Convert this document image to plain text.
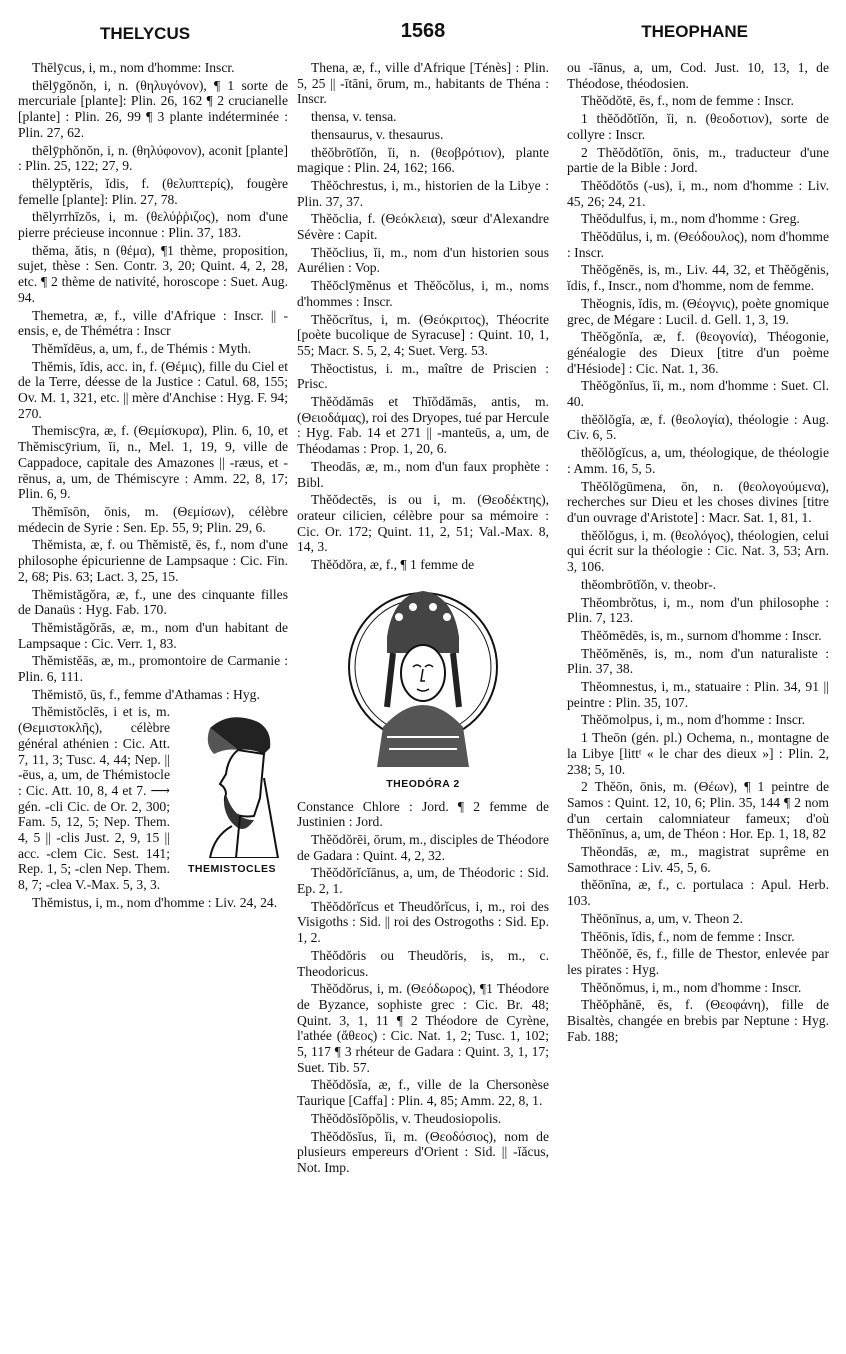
THELYCUS	1568	THEOPHANE

Thēlȳcus, i, m., nom d'homme: Inscr.

thēlȳgŏnŏn, i, n. (θηλυγόνον), ¶ 1 sorte de mercuriale [plante]: Plin. 26, 162 ¶ 2 crucianelle [plante] : Plin. 26, 99 ¶ 3 plante indéterminée : Plin. 27, 62.

thēlȳphŏnŏn, i, n. (θηλύφονον), aconit [plante] : Plin. 25, 122; 27, 9.

thēlyptĕris, ĭdis, f. (θελυπτερίς), fougère femelle [plante]: Plin. 27, 78.

thēlyrrhīzŏs, i, m. (θελύῤῥιζος), nom d'une pierre précieuse inconnue : Plin. 37, 183.

thĕma, ătis, n (θέμα), ¶1 thème, proposition, sujet, thèse : Sen. Contr. 3, 20; Quint. 4, 2, 28, etc. ¶ 2 thème de nativité, horoscope : Suet. Aug. 94.

Themetra, æ, f., ville d'Afrique : Inscr. || -ensis, e, de Thémétra : Inscr

Thĕmĭdēus, a, um, f., de Thémis : Myth.

Thĕmis, ĭdis, acc. in, f. (Θέμις), fille du Ciel et de la Terre, déesse de la Justice : Catul. 68, 155; Ov. M. 1, 321, etc. || mère d'Anchise : Hyg. F. 94; 270.

Themiscȳra, æ, f. (Θεμίσκυρα), Plin. 6, 10, et Thĕmiscȳrium, ĭi, n., Mel. 1, 19, 9, ville de Cappadoce, capitale des Amazones || -ræus, et -rēnus, a, um, de Thémiscyre : Amm. 22, 8, 17; Plin. 6, 9.

Thĕmīsōn, ōnis, m. (Θεμίσων), célèbre médecin de Syrie : Sen. Ep. 55, 9; Plin. 29, 6.

Thĕmista, æ, f. ou Thĕmistē, ēs, f., nom d'une philosophe épicurienne de Lampsaque : Cic. Fin. 2, 68; Pis. 63; Lact. 3, 25, 15.

Thĕmistăgŏra, æ, f., une des cinquante filles de Danaüs : Hyg. Fab. 170.

Thĕmistăgŏrās, æ, m., nom d'un habitant de Lampsaque : Cic. Verr. 1, 83.

Thĕmistĕās, æ, m., promontoire de Carmanie : Plin. 6, 111.

Thĕmistō, ūs, f., femme d'Athamas : Hyg.

THEMISTOCLES

Thĕmistŏclēs, i et is, m. (Θεμιστοκλῆς), célèbre général athénien : Cic. Att. 7, 11, 3; Tusc. 4, 44; Nep. || -ēus, a, um, de Thémistocle : Cic. Att. 10, 8, 4 et 7. ⟶ gén. -cli Cic. de Or. 2, 300; Fam. 5, 12, 5; Nep. Them. 4, 5 || -clis Just. 2, 9, 15 || acc. -clem Cic. Sest. 141; Rep. 1, 5; -clen Nep. Them. 8, 7; -clea V.-Max. 5, 3, 3.

Thĕmistus, i, m., nom d'homme : Liv. 24, 24.

Thena, æ, f., ville d'Afrique [Ténès] : Plin. 5, 25 || -ītāni, ōrum, m., habitants de Théna : Inscr.

thensa, v. tensa.

thensaurus, v. thesaurus.

thĕŏbrōtĭŏn, ĭi, n. (θεοβρότιον), plante magique : Plin. 24, 162; 166.

Thĕŏchrestus, i, m., historien de la Libye : Plin. 37, 37.

Thĕŏclia, f. (Θεόκλεια), sœur d'Alexandre Sévère : Capit.

Thĕŏclius, ĭi, m., nom d'un historien sous Aurélien : Vop.

Thĕŏclȳmĕnus et Thĕŏcŏlus, i, m., noms d'hommes : Inscr.

Thĕŏcrĭtus, i, m. (Θεόκριτος), Théocrite [poète bucolique de Syracuse] : Quint. 10, 1, 55; Macr. S. 5, 2, 4; Suet. Verg. 53.

Thĕoctistus, i. m., maître de Priscien : Prisc.

Thĕŏdămās et Thīŏdămās, antis, m. (Θειοδάμας), roi des Dryopes, tué par Hercule : Hyg. Fab. 14 et 271 || -manteūs, a, um, de Théodamas : Prop. 1, 20, 6.

Theodās, æ, m., nom d'un faux prophète : Bibl.

Thĕŏdectēs, is ou i, m. (Θεοδέκτης), orateur cilicien, célèbre pour sa mémoire : Cic. Or. 172; Quint. 11, 2, 51; Val.-Max. 8, 14, 3.

Thĕŏdŏra, æ, f., ¶ 1 femme de

THEODÓRA 2

Constance Chlore : Jord. ¶ 2 femme de Justinien : Jord.

Thĕŏdŏrēi, ōrum, m., disciples de Théodore de Gadara : Quint. 4, 2, 32.

Thĕŏdŏrĭcĭānus, a, um, de Théodoric : Sid. Ep. 2, 1.

Thĕŏdŏrĭcus et Theudŏrĭcus, i, m., roi des Visigoths : Sid. || roi des Ostrogoths : Sid. Ep. 1, 2.

Thĕŏdŏris ou Theudŏris, is, m., c. Theodoricus.

Thĕŏdŏrus, i, m. (Θεόδωρος), ¶1 Théodore de Byzance, sophiste grec : Cic. Br. 48; Quint. 3, 1, 11 ¶ 2 Théodore de Cyrène, l'athée (ἄθεος) : Cic. Nat. 1, 2; Tusc. 1, 102; 5, 117 ¶ 3 rhéteur de Gadara : Quint. 3, 1, 17; Suet. Tib. 57.

Thĕŏdŏsĭa, æ, f., ville de la Chersonèse Taurique [Caffa] : Plin. 4, 85; Amm. 22, 8, 1.

Thĕŏdŏsĭŏpŏlis, v. Theudosiopolis.

Thĕŏdŏsĭus, ĭi, m. (Θεοδόσιος), nom de plusieurs empereurs d'Orient : Sid. || -ĭăcus, Not. Imp.

ou -ĭānus, a, um, Cod. Just. 10, 13, 1, de Théodose, théodosien.

Thĕŏdŏtē, ēs, f., nom de femme : Inscr.

1 thĕŏdŏtĭŏn, ĭi, n. (θεοδοτιον), sorte de collyre : Inscr.

2 Thĕŏdŏtĭōn, ōnis, m., traducteur d'une partie de la Bible : Jord.

Thĕŏdŏtŏs (-us), i, m., nom d'homme : Liv. 45, 26; 24, 21.

Thĕŏdulfus, i, m., nom d'homme : Greg.

Thĕŏdūlus, i, m. (Θεόδουλος), nom d'homme : Inscr.

Thĕŏgĕnēs, is, m., Liv. 44, 32, et Thĕŏgĕnis, ĭdis, f., Inscr., nom d'homme, nom de femme.

Thĕognis, ĭdis, m. (Θέογνις), poète gnomique grec, de Mégare : Lucil. d. Gell. 1, 3, 19.

Thĕŏgŏnĭa, æ, f. (θεογονία), Théogonie, généalogie des Dieux [titre d'un poème d'Hésiode] : Cic. Nat. 1, 36.

Thĕŏgŏnĭus, ĭi, m., nom d'homme : Suet. Cl. 40.

thĕŏlŏgĭa, æ, f. (θεολογία), théologie : Aug. Civ. 6, 5.

thĕŏlŏgĭcus, a, um, théologique, de théologie : Amm. 16, 5, 5.

Thĕŏlŏgūmena, ōn, n. (θεολογούμενα), recherches sur Dieu et les choses divines [titre d'un ouvrage d'Aristote] : Macr. Sat. 1, 81, 1.

thĕŏlŏgus, i, m. (θεολόγος), théologien, celui qui écrit sur la théologie : Cic. Nat. 3, 53; Arn. 3, 106.

thĕombrōtĭŏn, v. theobr-.

Thĕombrŏtus, i, m., nom d'un philosophe : Plin. 7, 123.

Thĕŏmēdēs, is, m., surnom d'homme : Inscr.

Thĕŏmĕnēs, is, m., nom d'un naturaliste : Plin. 37, 38.

Thĕomnestus, i, m., statuaire : Plin. 34, 91 || peintre : Plin. 35, 107.

Thĕŏmolpus, i, m., nom d'homme : Inscr.

1 Theōn (gén. pl.) Ochema, n., montagne de la Libye [littᵗ « le char des dieux »] : Plin. 2, 238; 5, 10.

2 Thĕōn, ōnis, m. (Θέων), ¶ 1 peintre de Samos : Quint. 12, 10, 6; Plin. 35, 144 ¶ 2 nom d'un certain calomniateur fameux; d'où Thĕōnīnus, a, um, de Théon : Hor. Ep. 1, 18, 82

Thĕondās, æ, m., magistrat suprême en Samothrace : Liv. 45, 5, 6.

thĕōnīna, æ, f., c. portulaca : Apul. Herb. 103.

Thĕōnīnus, a, um, v. Theon 2.

Thĕōnis, ĭdis, f., nom de femme : Inscr.

Thĕŏnŏē, ēs, f., fille de Thestor, enlevée par les pirates : Hyg.

Thĕŏnŏmus, i, m., nom d'homme : Inscr.

Thĕŏphănē, ēs, f. (Θεοφάνη), fille de Bisaltès, changée en brebis par Neptune : Hyg. Fab. 188;
